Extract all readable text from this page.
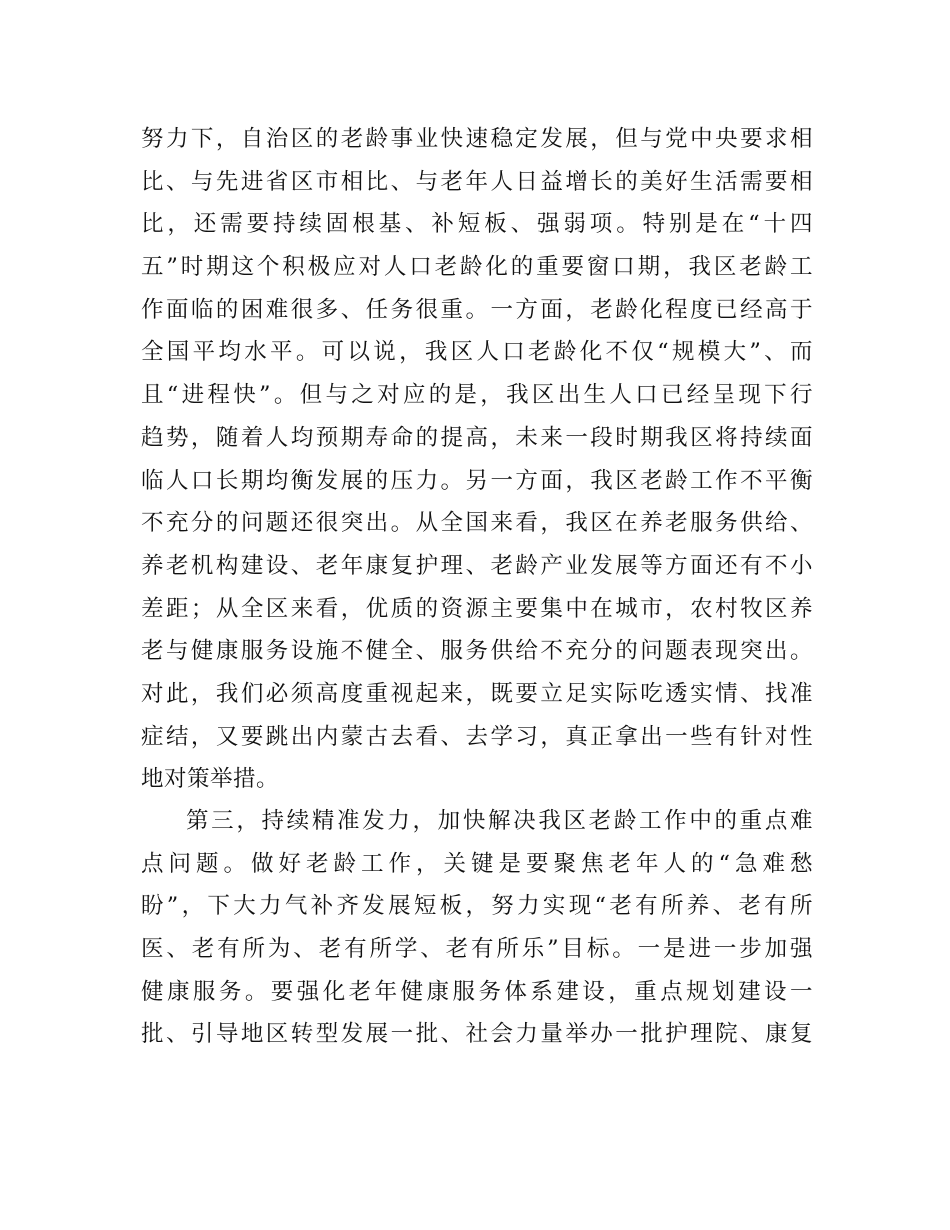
努力下，自治区的老龄事业快速稳定发展，但与党中央要求相
比、与先进省区市相比、与老年人日益增长的美好生活需要相
比，还需要持续固根基、补短板、强弱项。特别是在“十四
五”时期这个积极应对人口老龄化的重要窗口期，我区老龄工
作面临的困难很多、任务很重。一方面，老龄化程度已经高于
全国平均水平。可以说，我区人口老龄化不仅“规模大”、而
且“进程快”。但与之对应的是，我区出生人口已经呈现下行
趋势，随着人均预期寿命的提高，未来一段时期我区将持续面
临人口长期均衡发展的压力。另一方面，我区老龄工作不平衡
不充分的问题还很突出。从全国来看，我区在养老服务供给、
养老机构建设、老年康复护理、老龄产业发展等方面还有不小
差距；从全区来看，优质的资源主要集中在城市，农村牧区养
老与健康服务设施不健全、服务供给不充分的问题表现突出。
对此，我们必须高度重视起来，既要立足实际吃透实情、找准
症结，又要跳出内蒙古去看、去学习，真正拿出一些有针对性
地对策举措。
第三，持续精准发力，加快解决我区老龄工作中的重点难
点问题。做好老龄工作，关键是要聚焦老年人的“急难愁
盼”，下大力气补齐发展短板，努力实现“老有所养、老有所
医、老有所为、老有所学、老有所乐”目标。一是进一步加强
健康服务。要强化老年健康服务体系建设，重点规划建设一
批、引导地区转型发展一批、社会力量举办一批护理院、康复
